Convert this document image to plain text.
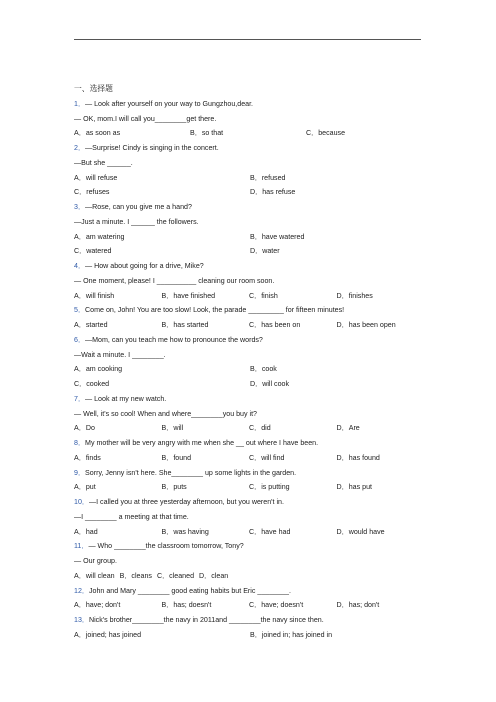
一、选择题
1．— Look after yourself on your way to Gungzhou,dear.
— OK, mom.I will call you________get there.
A．as soon as	B．so that	C．because
2．—Surprise! Cindy is singing in the concert.
—But she ______.
A．will refuse	B．refused
C．refuses	D．has refuse
3．—Rose, can you give me a hand?
—Just a minute. I ______ the followers.
A．am watering	B．have watered
C．watered	D．water
4．— How about going for a drive, Mike?
— One moment, please! I __________ cleaning our room soon.
A．will finish	B．have finished	C．finish	D．finishes
5．Come on, John! You are too slow! Look, the parade _________ for fifteen minutes!
A．started	B．has started	C．has been on	D．has been open
6．—Mom, can you teach me how to pronounce the words?
—Wait a minute. I ________.
A．am cooking	B．cook
C．cooked	D．will cook
7．— Look at my new watch.
— Well, it's so cool! When and where________you buy it?
A．Do	B．will	C．did	D．Are
8．My mother will be very angry with me when she __ out where I have been.
A．finds	B．found	C．will find	D．has found
9．Sorry, Jenny isn't here. She________ up some lights in the garden.
A．put	B．puts	C．is putting	D．has put
10．—I called you at three yesterday afternoon, but you weren't in.
—I ________ a meeting at that time.
A．had	B．was having	C．have had	D．would have
11．— Who ________the classroom tomorrow, Tony?
— Our group.
A．will clean B．cleans C．cleaned D．clean
12．John and Mary ________ good eating habits but Eric ________.
A．have; don't	B．has; doesn't	C．have; doesn't	D．has; don't
13．Nick's brother________the navy in 2011and ________the navy since then.
A．joined; has joined	B．joined in; has joined in
